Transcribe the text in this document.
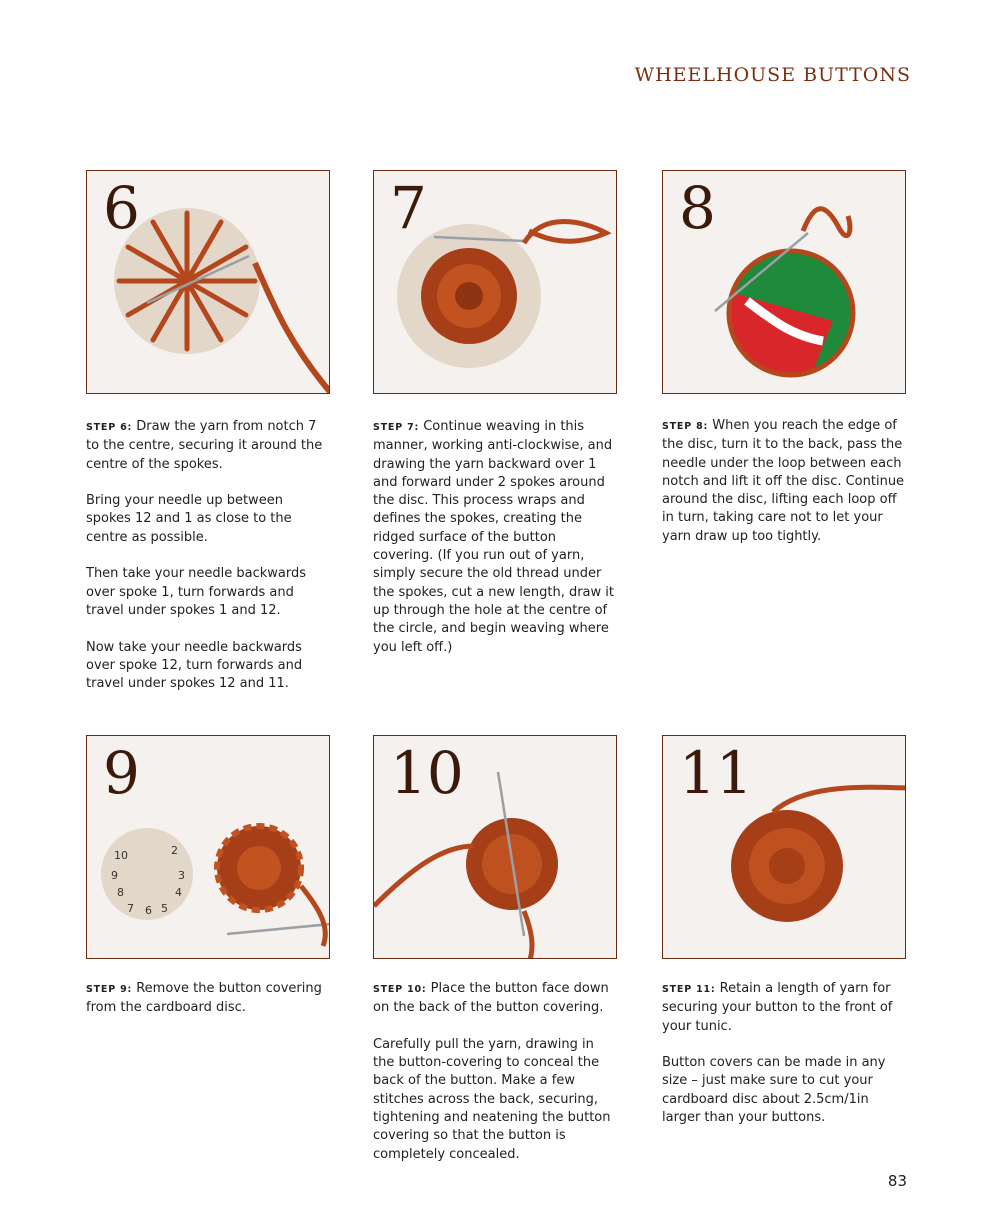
WHEELHOUSE BUTTONS
6	7	8
10	2
9	3
8	4
7 6 5
9	10	11

STEP 6: Draw the yarn from notch 7 to the centre, securing it around the centre of the spokes.

Bring your needle up between spokes 12 and 1 as close to the centre as possible.

Then take your needle backwards over spoke 1, turn forwards and travel under spokes 1 and 12.

Now take your needle backwards over spoke 12, turn forwards and travel under spokes 12 and 11.

STEP 7: Continue weaving in this manner, working anti-clockwise, and drawing the yarn backward over 1 and forward under 2 spokes around the disc. This process wraps and defines the spokes, creating the ridged surface of the button covering. (If you run out of yarn, simply secure the old thread under the spokes, cut a new length, draw it up through the hole at the centre of the circle, and begin weaving where you left off.)

STEP 8: When you reach the edge of the disc, turn it to the back, pass the needle under the loop between each notch and lift it off the disc. Continue around the disc, lifting each loop off in turn, taking care not to let your yarn draw up too tightly.

STEP 9: Remove the button covering from the cardboard disc.

STEP 10: Place the button face down on the back of the button covering.

Carefully pull the yarn, drawing in the button-covering to conceal the back of the button. Make a few stitches across the back, securing, tightening and neatening the button covering so that the button is completely concealed.

STEP 11: Retain a length of yarn for securing your button to the front of your tunic.

Button covers can be made in any size – just make sure to cut your cardboard disc about 2.5cm/1in larger than your buttons.

83
